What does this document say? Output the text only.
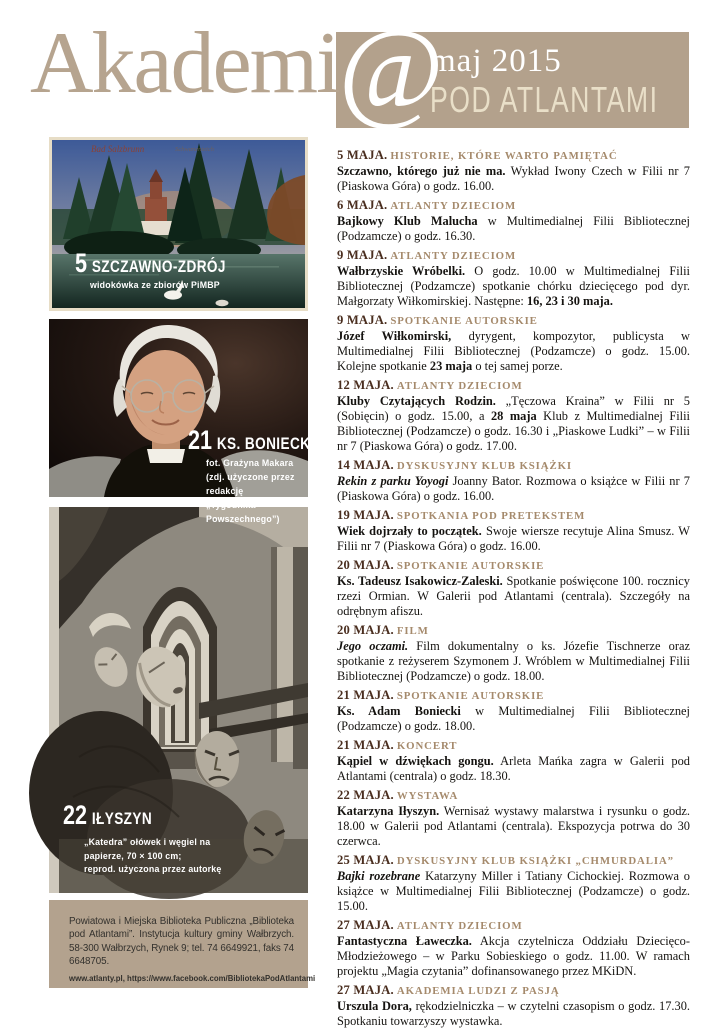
maj 2015
POD ATLANTAMI
Akademi@
Bad Salzbrunn	Schwanenteich
5 SZCZAWNO-ZDRÓJ
widokówka ze zbiorów PiMBP
21 KS. BONIECKI
fot. Grażyna Makara
(zdj. użyczone przez redakcję
„Tygodnika Powszechnego”)
22 IŁYSZYN
„Katedra” ołówek i węgiel na
papierze, 70 × 100 cm;
reprod. użyczona przez autorkę

Powiatowa i Miejska Biblioteka Publiczna „Biblioteka pod Atlantami”. Instytucja kultury gminy Wałbrzych. 58-300 Wałbrzych, Rynek 9; tel. 74 6649921, faks 74 6648705.

www.atlanty.pl, https://www.facebook.com/BibliotekaPodAtlantami

5 MAJA. HISTORIE, KTÓRE WARTO PAMIĘTAĆ

Szczawno, którego już nie ma. Wykład Iwony Czech w Filii nr 7 (Piaskowa Góra) o godz. 16.00.

6 MAJA. ATLANTY DZIECIOM

Bajkowy Klub Malucha w Multimedialnej Filii Bibliotecznej (Podzamcze) o godz. 16.30.

9 MAJA. ATLANTY DZIECIOM

Wałbrzyskie Wróbelki. O godz. 10.00 w Multimedialnej Filii Bibliotecznej (Podzamcze) spotkanie chórku dziecięcego pod dyr. Małgorzaty Wiłkomirskiej. Następne: 16, 23 i 30 maja.

9 MAJA. SPOTKANIE AUTORSKIE

Józef Wiłkomirski, dyrygent, kompozytor, publicysta w Multimedialnej Filii Bibliotecznej (Podzamcze) o godz. 15.00. Kolejne spotkanie 23 maja o tej samej porze.

12 MAJA. ATLANTY DZIECIOM

Kluby Czytających Rodzin. „Tęczowa Kraina” w Filii nr 5 (Sobięcin) o godz. 15.00, a 28 maja Klub z Multimedialnej Filii Bibliotecznej (Podzamcze) o godz. 16.30 i „Piaskowe Ludki” – w Filii nr 7 (Piaskowa Góra) o godz. 17.00.

14 MAJA. DYSKUSYJNY KLUB KSIĄŻKI

Rekin z parku Yoyogi Joanny Bator. Rozmowa o książce w Filii nr 7 (Piaskowa Góra) o godz. 16.00.

19 MAJA. SPOTKANIA POD PRETEKSTEM

Wiek dojrzały to początek. Swoje wiersze recytuje Alina Smusz. W Filii nr 7 (Piaskowa Góra) o godz. 16.00.

20 MAJA. SPOTKANIE AUTORSKIE

Ks. Tadeusz Isakowicz-Zaleski. Spotkanie poświęcone 100. rocznicy rzezi Ormian. W Galerii pod Atlantami (centrala). Szczegóły na odrębnym afiszu.

20 MAJA. FILM

Jego oczami. Film dokumentalny o ks. Józefie Tischnerze oraz spotkanie z reżyserem Szymonem J. Wróblem w Multimedialnej Filii Bibliotecznej (Podzamcze) o godz. 18.00.

21 MAJA. SPOTKANIE AUTORSKIE

Ks. Adam Boniecki w Multimedialnej Filii Bibliotecznej (Podzamcze) o godz. 18.00.

21 MAJA. KONCERT

Kąpiel w dźwiękach gongu. Arleta Mańka zagra w Galerii pod Atlantami (centrala) o godz. 18.30.

22 MAJA. WYSTAWA

Katarzyna Iłyszyn. Wernisaż wystawy malarstwa i rysunku o godz. 18.00 w Galerii pod Atlantami (centrala). Ekspozycja potrwa do 30 czerwca.

25 MAJA. DYSKUSYJNY KLUB KSIĄŻKI „CHMURDALIA”

Bajki rozebrane Katarzyny Miller i Tatiany Cichockiej. Rozmowa o książce w Multimedialnej Filii Bibliotecznej (Podzamcze) o godz. 15.00.

27 MAJA. ATLANTY DZIECIOM

Fantastyczna Ławeczka. Akcja czytelnicza Oddziału Dziecięco-Młodzieżowego – w Parku Sobieskiego o godz. 11.00. W ramach projektu „Magia czytania” dofinansowanego przez MKiDN.

27 MAJA. AKADEMIA LUDZI Z PASJĄ

Urszula Dora, rękodzielniczka – w czytelni czasopism o godz. 17.30. Spotkaniu towarzyszy wystawka.
